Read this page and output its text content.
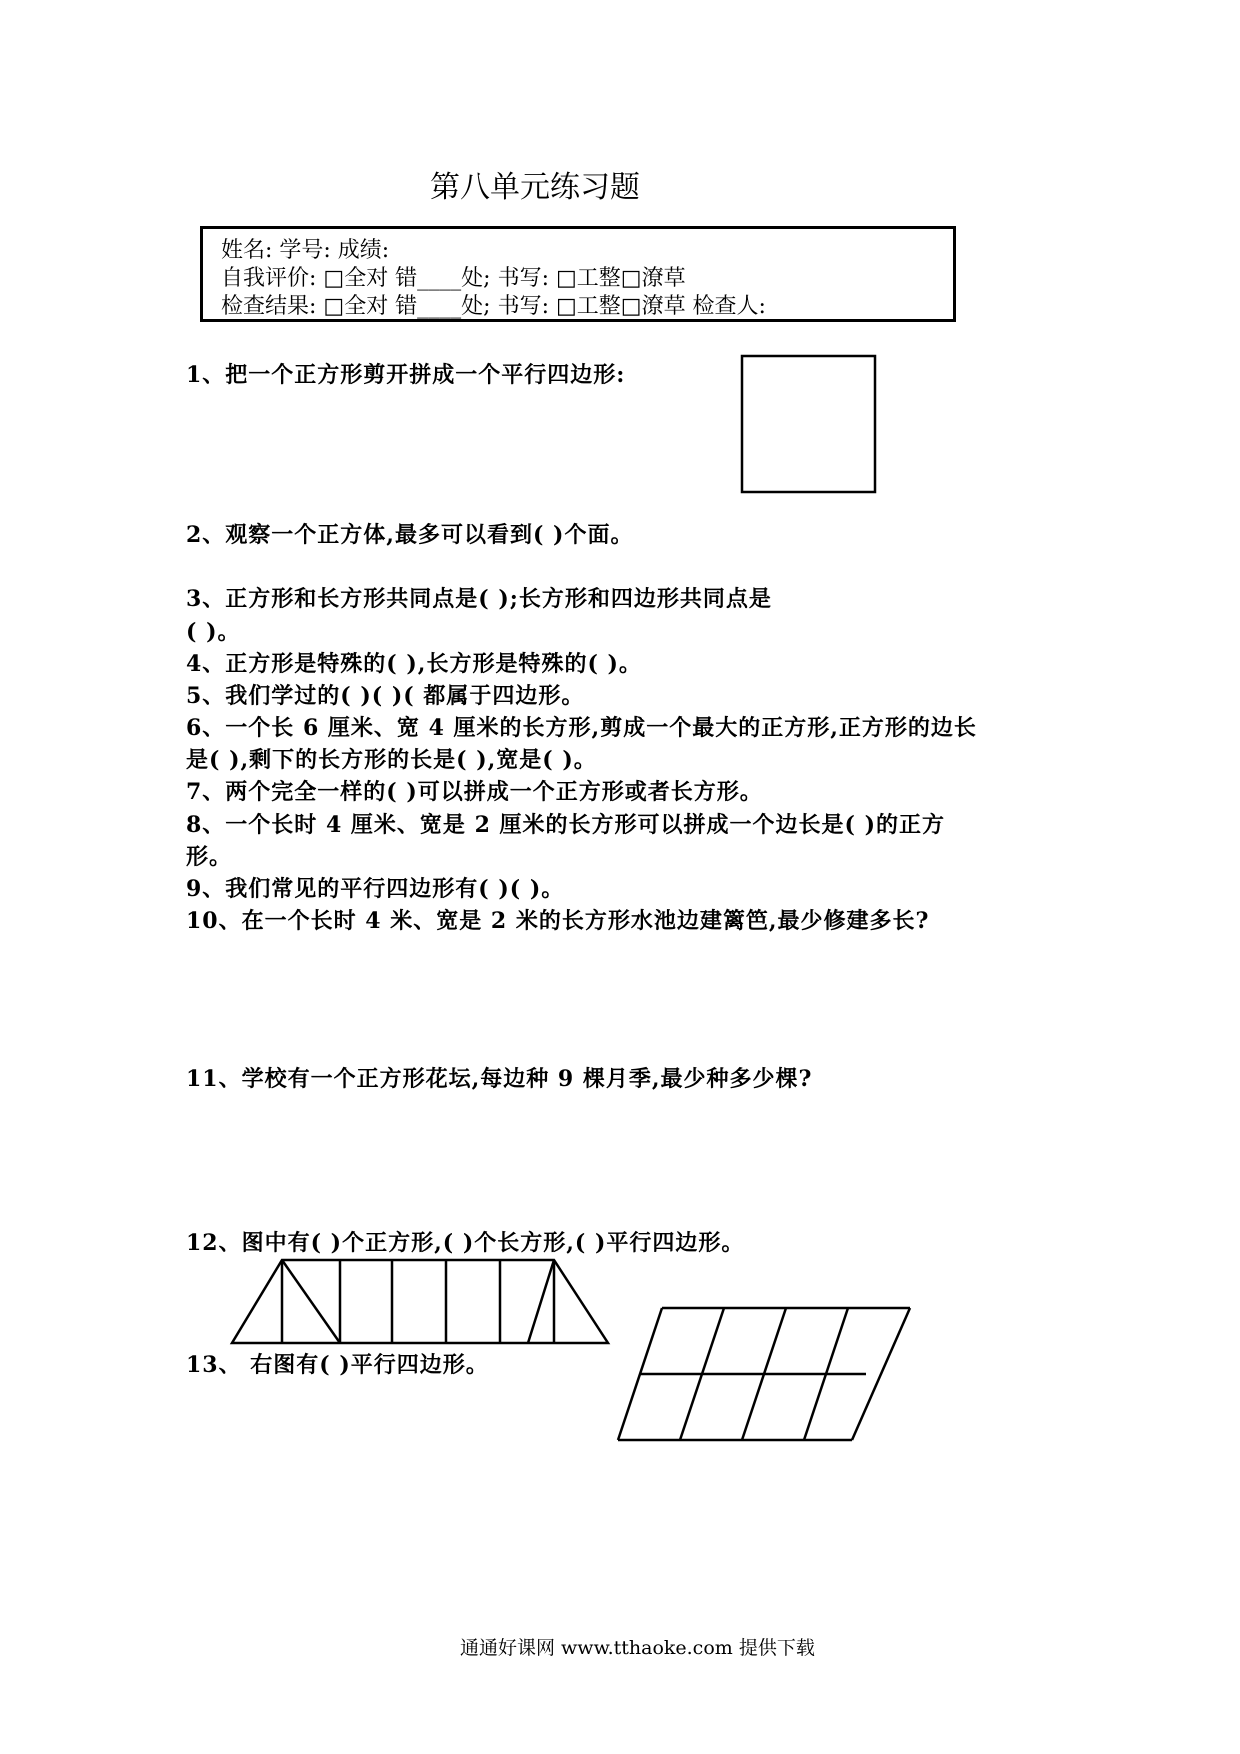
第八单元练习题
姓名: 学号: 成绩:
自我评价: □全对 错____处; 书写: □工整□潦草
检查结果: □全对 错____处; 书写: □工整□潦草 检查人:
1、把一个正方形剪开拼成一个平行四边形:
2、观察一个正方体,最多可以看到( )个面。
3、正方形和长方形共同点是( );长方形和四边形共同点是
( )。
4、正方形是特殊的( ),长方形是特殊的( )。
5、我们学过的( )( )( 都属于四边形。
6、一个长 6 厘米、宽 4 厘米的长方形,剪成一个最大的正方形,正方形的边长
是( ),剩下的长方形的长是( ),宽是( )。
7、两个完全一样的( )可以拼成一个正方形或者长方形。
8、一个长时 4 厘米、宽是 2 厘米的长方形可以拼成一个边长是( )的正方
形。
9、我们常见的平行四边形有( )( )。
10、在一个长时 4 米、宽是 2 米的长方形水池边建篱笆,最少修建多长?
11、学校有一个正方形花坛,每边种 9 棵月季,最少种多少棵?
12、图中有( )个正方形,( )个长方形,( )平行四边形。
13、 右图有( )平行四边形。
通通好课网 www.tthaoke.com 提供下载
